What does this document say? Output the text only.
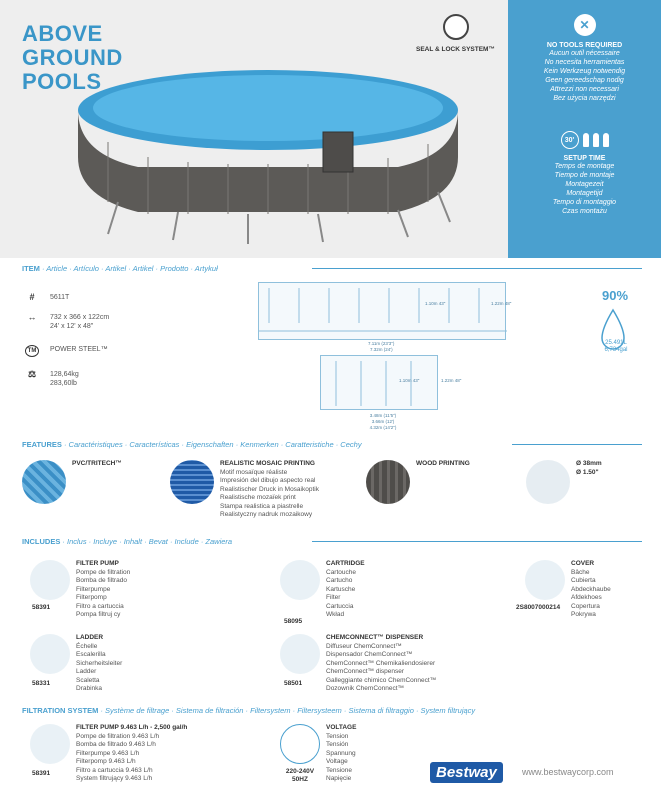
ABOVE
GROUND
POOLS
SEAL & LOCK SYSTEM™
✕
NO TOOLS REQUIRED
Aucun outil nécessaire
No necesita herramientas
Kein Werkzeug notwendig
Geen gereedschap nodig
Attrezzi non necessari
Bez użycia narzędzi
30'
SETUP TIME
Temps de montage
Tiempo de montaje
Montagezeit
Montagetijd
Tempo di montaggio
Czas montażu
ITEM · Article · Artículo · Artikel · Artikel · Prodotto · Artykuł
# 5611T
↔ 732 x 366 x 122cm
24' x 12' x 48"
TM POWER STEEL™
⚖ 128,64kg
283,60lb
1.10m 43"	1.22m 48"
7.11m (23'3")
7.32m (24')
1.10m 43"	1.22m 48"
3.48m (11'5")
3.66m (12')
4.32m (14'2")
90%
25.491L
6,734gal
FEATURES · Caractéristiques · Características · Eigenschaften · Kenmerken · Caratteristiche · Cechy
PVC/TRITECH™	REALISTIC MOSAIC PRINTING
Motif mosaïque réaliste
Impresión del dibujo aspecto real
Realistischer Druck in Mosaikoptik
Realistische mozaïek print
Stampa realistica a piastrelle
Realistyczny nadruk mozaikowy
WOOD PRINTING	Ø 38mm
Ø 1.50"
INCLUDES · Inclus · Incluye · Inhalt · Bevat · Include · Zawiera
FILTER PUMP
Pompe de filtration
Bomba de filtrado
Filterpumpe
Filterpomp
Filtro a cartuccia
Pompa filtruj cy
58391
CARTRIDGE
Cartouche
Cartucho
Kartusche
Filter
Cartuccia
Wkład
58095
COVER
Bâche
Cubierta
Abdeckhaube
Afdekhoes
Copertura
Pokrywa
2S8007000214
LADDER
Échelle
Escalerilla
Sicherheitsleiter
Ladder
Scaletta
Drabinka
58331
CHEMCONNECT™ DISPENSER
Diffuseur ChemConnect™
Dispensador ChemConnect™
ChemConnect™ Chemikaliendosierer
ChemConnect™ dispenser
Galleggiante chimico ChemConnect™
Dozownik ChemConnect™
58501
FILTRATION SYSTEM · Système de filtrage · Sistema de filtración · Filtersystem · Filtersysteem · Sistema di filtraggio · System filtrujący
FILTER PUMP 9.463 L/h - 2,500 gal/h
Pompe de filtration 9.463 L/h
Bomba de filtrado 9.463 L/h
Filterpumpe 9.463 L/h
Filterpomp 9.463 L/h
Filtro a cartuccia 9.463 L/h
System filtrujący 9.463 L/h
58391
VOLTAGE
Tension
Tensión
Spannung
Voltage
Tensione
Napięcie
220-240V
50HZ	Bestway	www.bestwaycorp.com
